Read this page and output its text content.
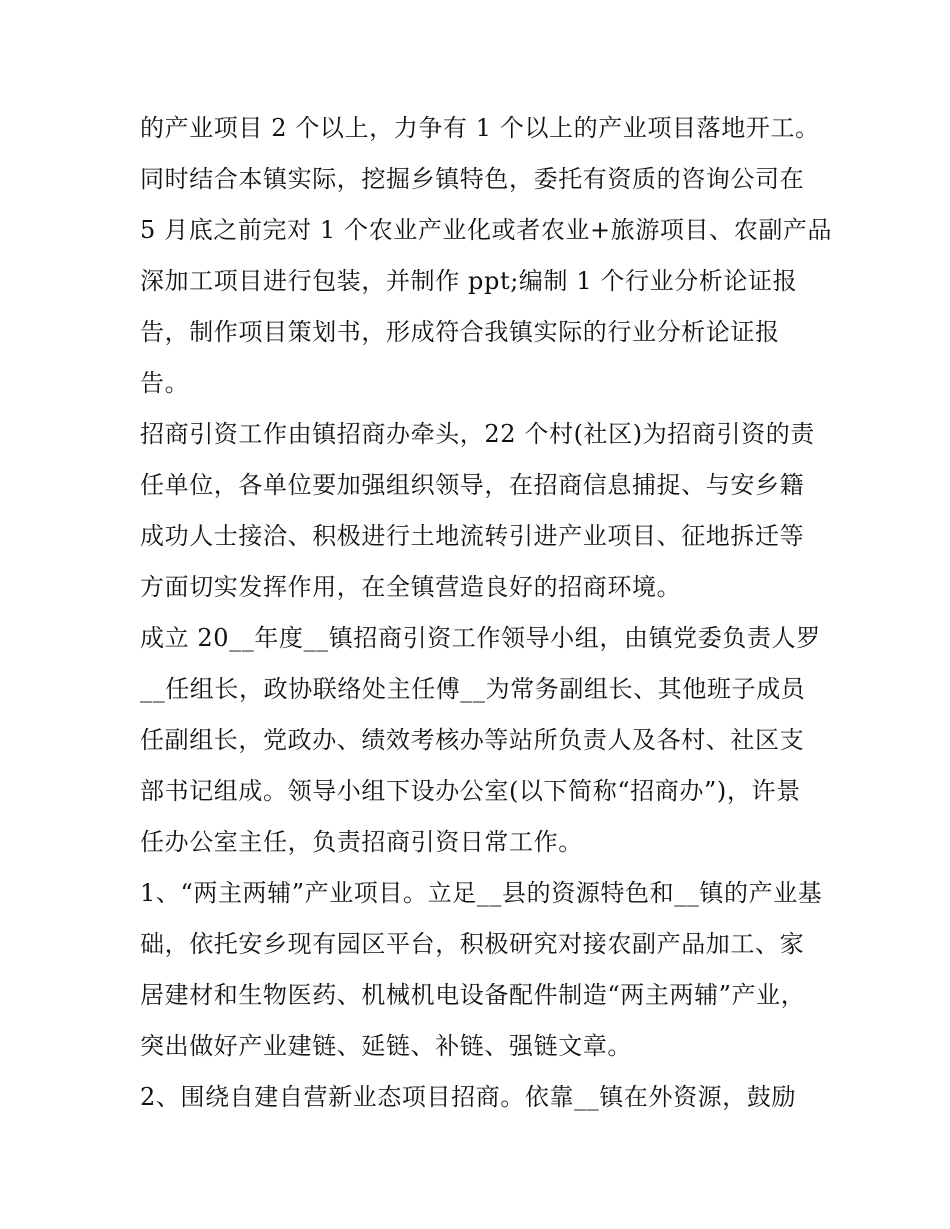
的产业项目 2 个以上，力争有 1 个以上的产业项目落地开工。
同时结合本镇实际，挖掘乡镇特色，委托有资质的咨询公司在
5 月底之前完对 1 个农业产业化或者农业+旅游项目、农副产品
深加工项目进行包装，并制作 ppt;编制 1 个行业分析论证报
告，制作项目策划书，形成符合我镇实际的行业分析论证报
告。
招商引资工作由镇招商办牵头，22 个村(社区)为招商引资的责
任单位，各单位要加强组织领导，在招商信息捕捉、与安乡籍
成功人士接洽、积极进行土地流转引进产业项目、征地拆迁等
方面切实发挥作用，在全镇营造良好的招商环境。
成立 20__年度__镇招商引资工作领导小组，由镇党委负责人罗
__任组长，政协联络处主任傅__为常务副组长、其他班子成员
任副组长，党政办、绩效考核办等站所负责人及各村、社区支
部书记组成。领导小组下设办公室(以下简称“招商办”)，许景
任办公室主任，负责招商引资日常工作。
1、“两主两辅”产业项目。立足__县的资源特色和__镇的产业基
础，依托安乡现有园区平台，积极研究对接农副产品加工、家
居建材和生物医药、机械机电设备配件制造“两主两辅”产业，
突出做好产业建链、延链、补链、强链文章。
2、围绕自建自营新业态项目招商。依靠__镇在外资源，鼓励
